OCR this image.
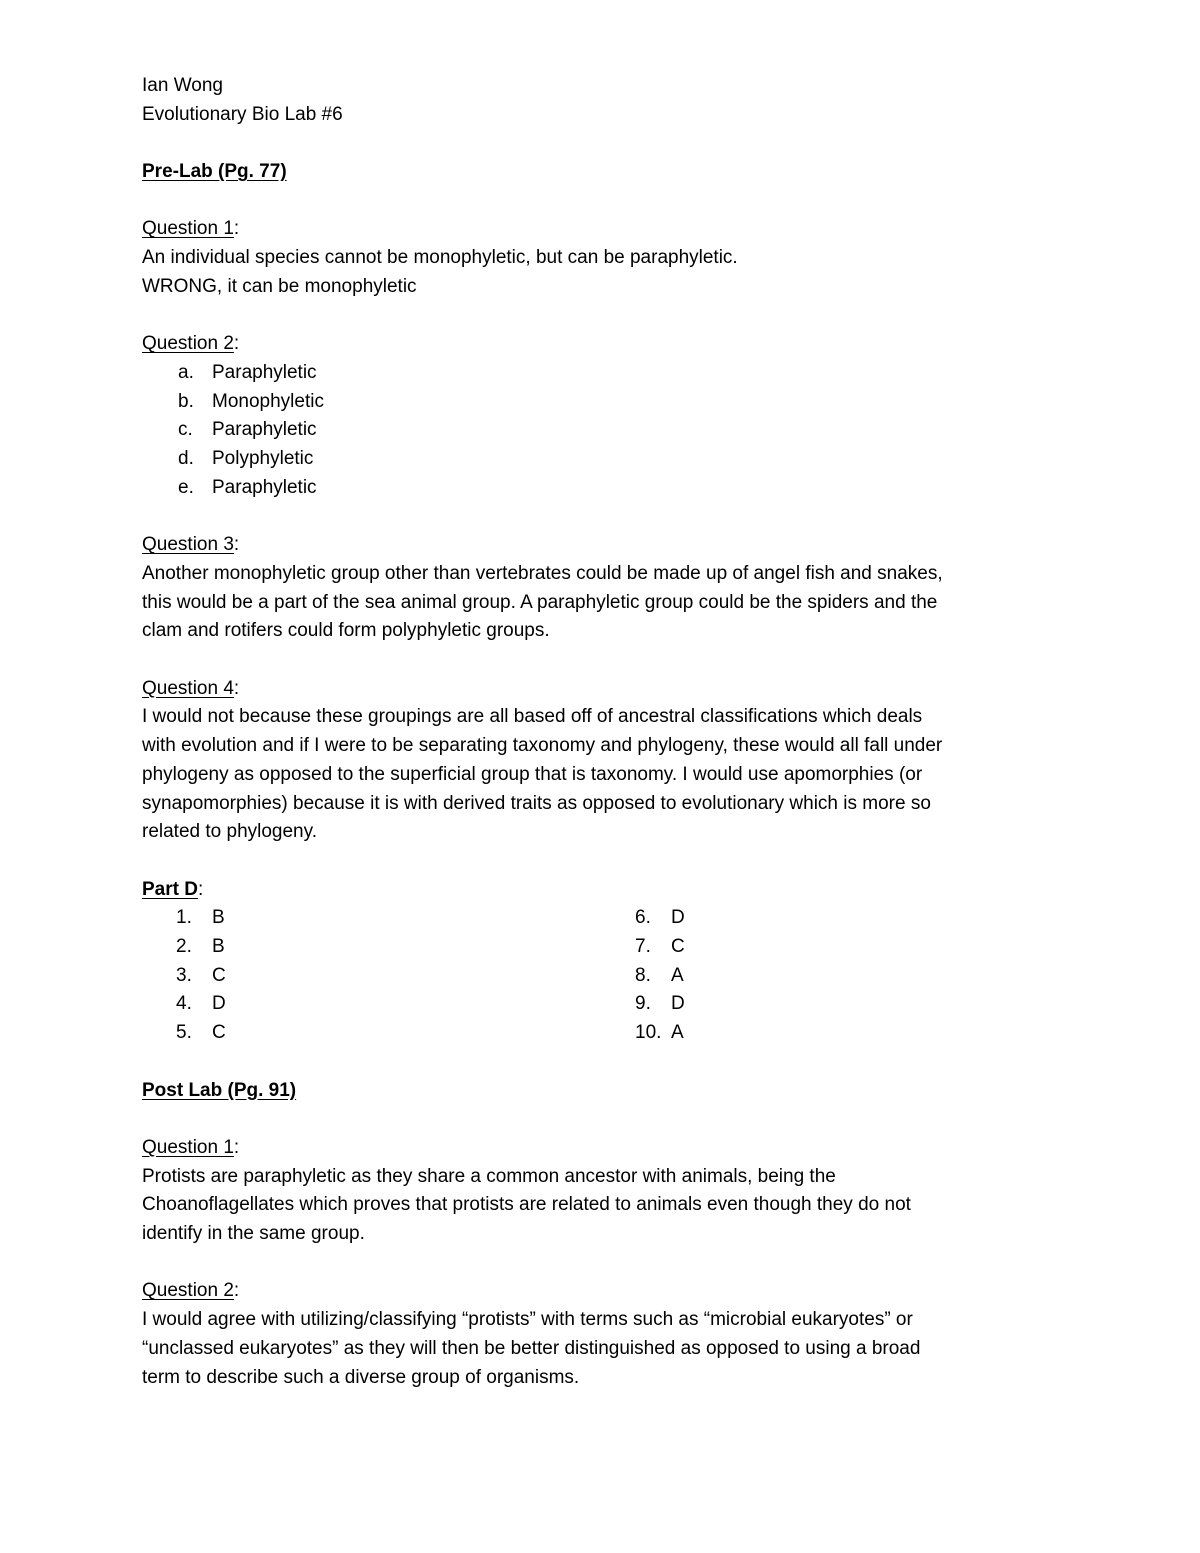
Ian Wong

Evolutionary Bio Lab #6

Pre-Lab (Pg. 77)

Question 1:

An individual species cannot be monophyletic, but can be paraphyletic.

WRONG, it can be monophyletic

Question 2:

a. Paraphyletic
b. Monophyletic
c.	Paraphyletic
d. Polyphyletic
e. Paraphyletic

Question 3:

Another monophyletic group other than vertebrates could be made up of angel fish and snakes,

this would be a part of the sea animal group. A paraphyletic group could be the spiders and the

clam and rotifers could form polyphyletic groups.

Question 4:

I would not because these groupings are all based off of ancestral classifications which deals

with evolution and if I were to be separating taxonomy and phylogeny, these would all fall under

phylogeny as opposed to the superficial group that is taxonomy. I would use apomorphies (or

synapomorphies) because it is with derived traits as opposed to evolutionary which is more so

related to phylogeny.

Part D:

1.	B
2.	B
3.	C
4.	D
5.	C
6.	D
7.	C
8.	A
9.	D
10. A

Post Lab (Pg. 91)

Question 1:

Protists are paraphyletic as they share a common ancestor with animals, being the

Choanoflagellates which proves that protists are related to animals even though they do not

identify in the same group.

Question 2:

I would agree with utilizing/classifying “protists” with terms such as “microbial eukaryotes” or

“unclassed eukaryotes” as they will then be better distinguished as opposed to using a broad

term to describe such a diverse group of organisms.
